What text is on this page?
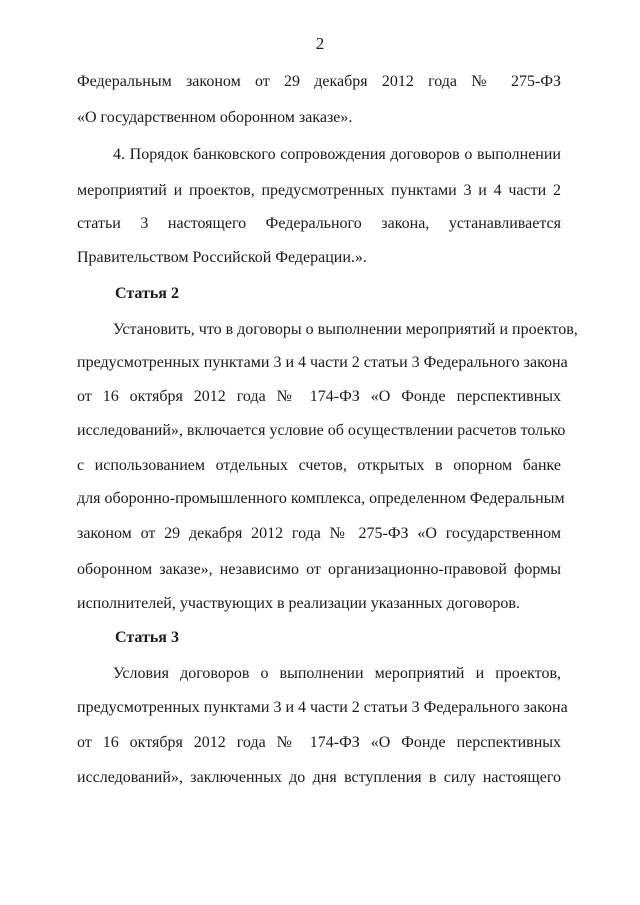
2
Федеральным законом от 29 декабря 2012 года № 275-ФЗ
«О государственном оборонном заказе».
4. Порядок банковского сопровождения договоров о выполнении
мероприятий и проектов, предусмотренных пунктами 3 и 4 части 2
статьи 3 настоящего Федерального закона, устанавливается
Правительством Российской Федерации.».
Статья 2
Установить, что в договоры о выполнении мероприятий и проектов,
предусмотренных пунктами 3 и 4 части 2 статьи 3 Федерального закона
от 16 октября 2012 года № 174-ФЗ «О Фонде перспективных
исследований», включается условие об осуществлении расчетов только
с использованием отдельных счетов, открытых в опорном банке
для оборонно-промышленного комплекса, определенном Федеральным
законом от 29 декабря 2012 года № 275-ФЗ «О государственном
оборонном заказе», независимо от организационно-правовой формы
исполнителей, участвующих в реализации указанных договоров.
Статья 3
Условия договоров о выполнении мероприятий и проектов,
предусмотренных пунктами 3 и 4 части 2 статьи 3 Федерального закона
от 16 октября 2012 года № 174-ФЗ «О Фонде перспективных
исследований», заключенных до дня вступления в силу настоящего
